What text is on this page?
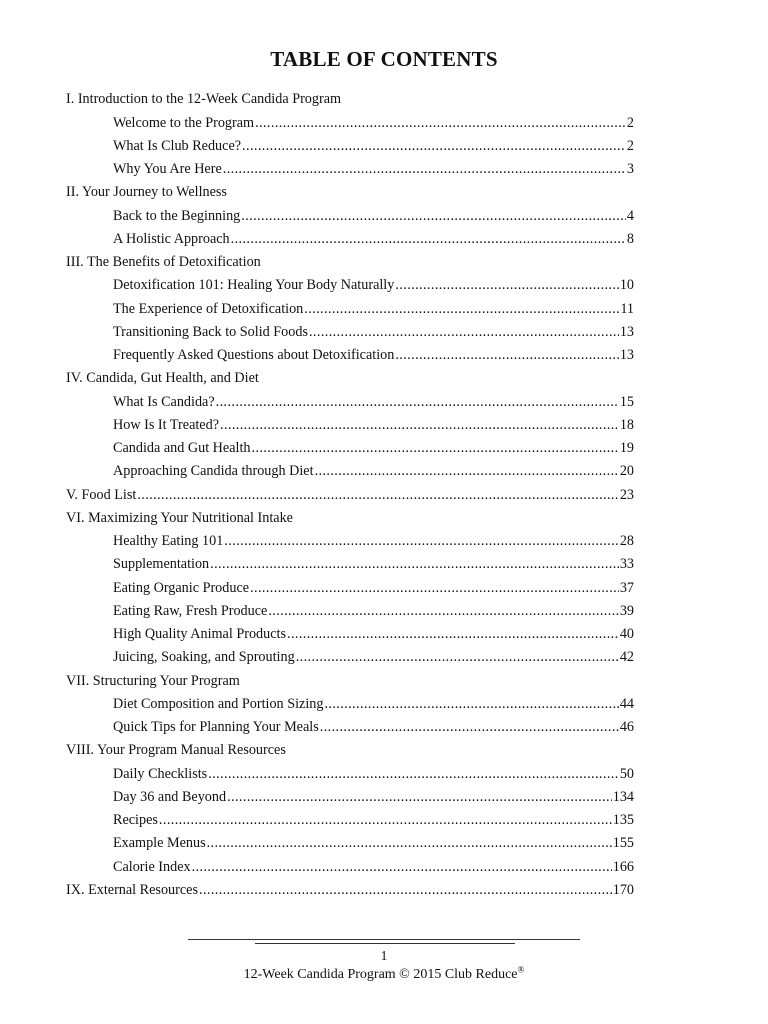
TABLE OF CONTENTS
I. Introduction to the 12-Week Candida Program
Welcome to the Program .....	2
What Is Club Reduce? .....	2
Why You Are Here .....	3
II. Your Journey to Wellness
Back to the Beginning .....	4
A Holistic Approach .....	8
III. The Benefits of Detoxification
Detoxification 101: Healing Your Body Naturally .....	10
The Experience of Detoxification .....	11
Transitioning Back to Solid Foods .....	13
Frequently Asked Questions about Detoxification .....	13
IV. Candida, Gut Health, and Diet
What Is Candida? .....	15
How Is It Treated? .....	18
Candida and Gut Health .....	19
Approaching Candida through Diet .....	20
V. Food List .....	23
VI. Maximizing Your Nutritional Intake
Healthy Eating 101 .....	28
Supplementation .....	33
Eating Organic Produce .....	37
Eating Raw, Fresh Produce .....	39
High Quality Animal Products .....	40
Juicing, Soaking, and Sprouting .....	42
VII. Structuring Your Program
Diet Composition and Portion Sizing .....	44
Quick Tips for Planning Your Meals .....	46
VIII. Your Program Manual Resources
Daily Checklists .....	50
Day 36 and Beyond .....	134
Recipes .....	135
Example Menus .....	155
Calorie Index .....	166
IX. External Resources .....	170
1
12-Week Candida Program © 2015 Club Reduce®
